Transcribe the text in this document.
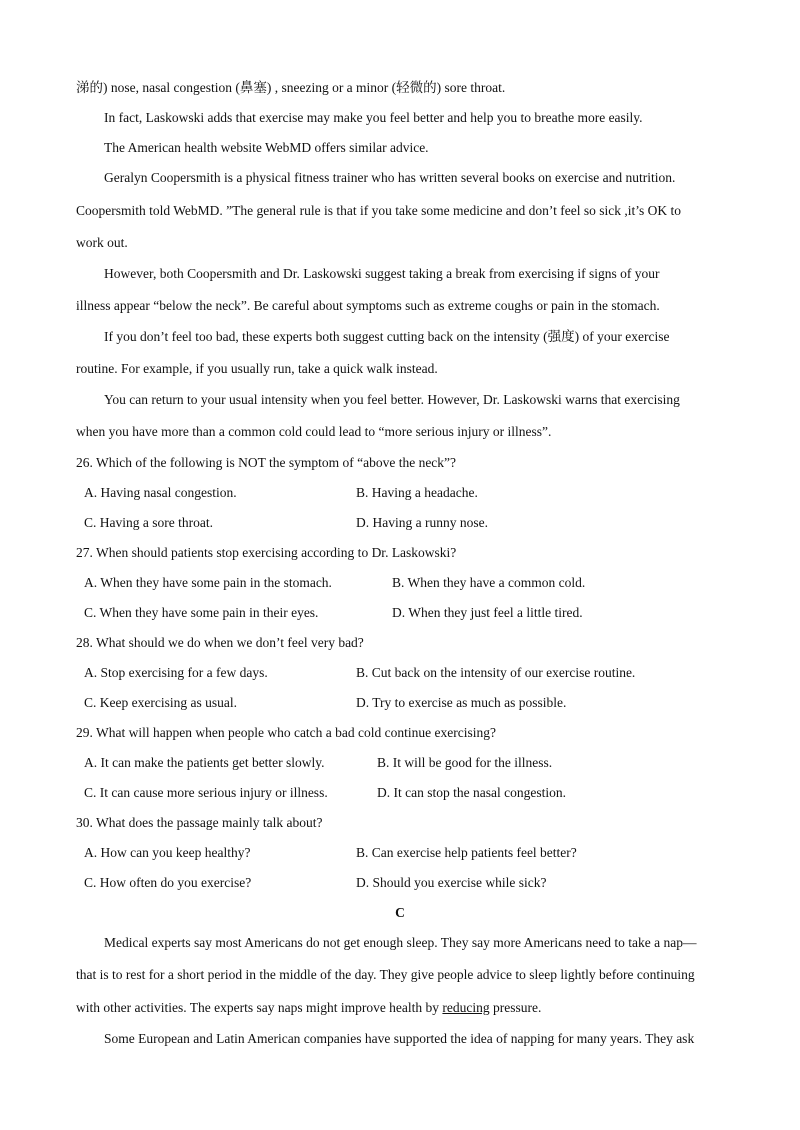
涕的) nose, nasal congestion (鼻塞) , sneezing or a minor (轻微的) sore throat.
In fact, Laskowski adds that exercise may make you feel better and help you to breathe more easily.
The American health website WebMD offers similar advice.
Geralyn Coopersmith is a physical fitness trainer who has written several books on exercise and nutrition.
Coopersmith told WebMD. ”The general rule is that if you take some medicine and don’t feel so sick ,it’s OK to
work out.
However, both Coopersmith and Dr. Laskowski suggest taking a break from exercising if signs of your
illness appear “below the neck”. Be careful about symptoms such as extreme coughs or pain in the stomach.
If you don’t feel too bad, these experts both suggest cutting back on the intensity (强度) of your exercise
routine. For example, if you usually run, take a quick walk instead.
You can return to your usual intensity when you feel better. However, Dr. Laskowski warns that exercising
when you have more than a common cold could lead to “more serious injury or illness”.
26. Which of the following is NOT the symptom of “above the neck”?
A. Having nasal congestion.	B. Having a headache.
C. Having a sore throat.	D. Having a runny nose.
27. When should patients stop exercising according to Dr. Laskowski?
A. When they have some pain in the stomach.	B. When they have a common cold.
C. When they have some pain in their eyes.	D. When they just feel a little tired.
28. What should we do when we don’t feel very bad?
A. Stop exercising for a few days.	B. Cut back on the intensity of our exercise routine.
C. Keep exercising as usual.	D. Try to exercise as much as possible.
29. What will happen when people who catch a bad cold continue exercising?
A. It can make the patients get better slowly.	B. It will be good for the illness.
C. It can cause more serious injury or illness.	D. It can stop the nasal congestion.
30. What does the passage mainly talk about?
A. How can you keep healthy?	B. Can exercise help patients feel better?
C. How often do you exercise?	D. Should you exercise while sick?
C
Medical experts say most Americans do not get enough sleep. They say more Americans need to take a nap—
that is to rest for a short period in the middle of the day. They give people advice to sleep lightly before continuing
with other activities. The experts say naps might improve health by reducing pressure.
Some European and Latin American companies have supported the idea of napping for many years. They ask
